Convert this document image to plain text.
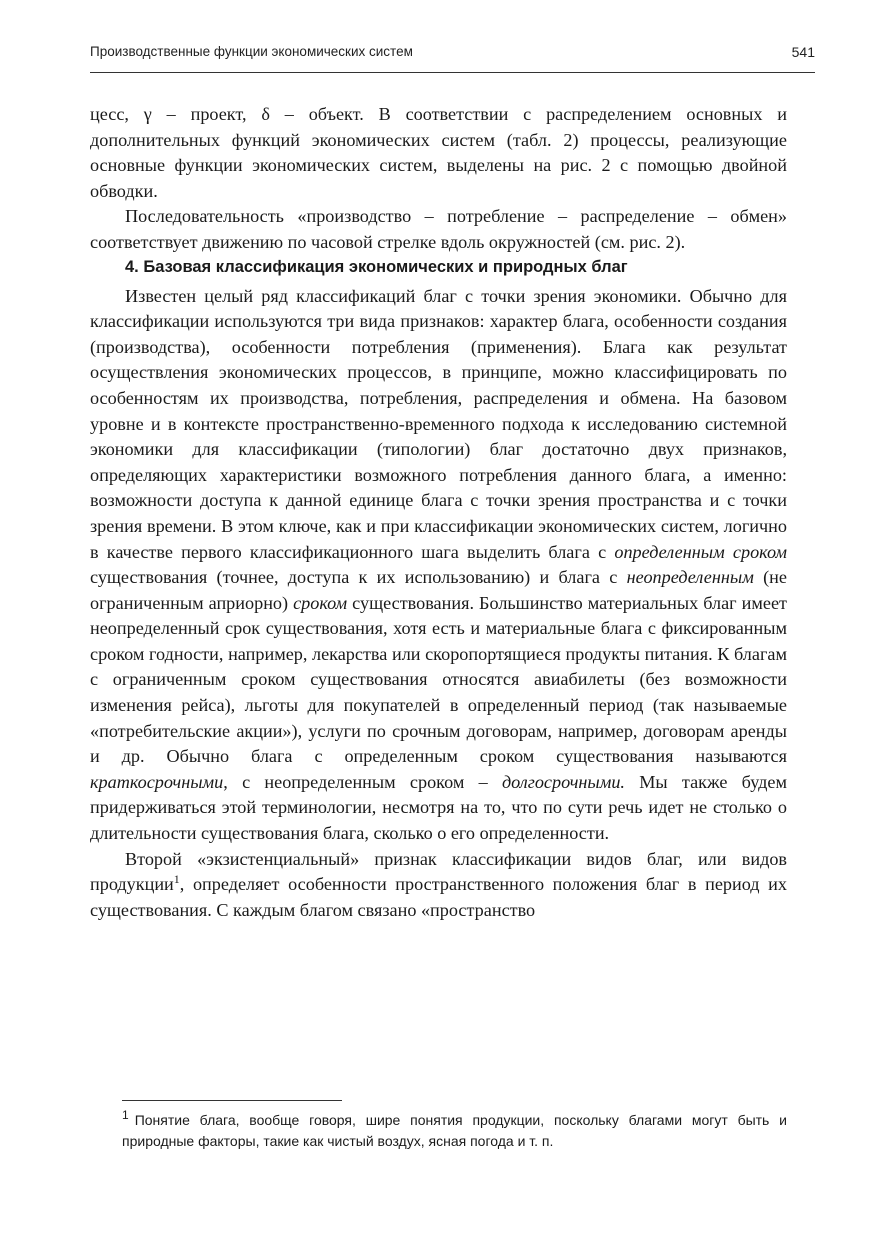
Производственные функции экономических систем	541

цесс, γ – проект, δ – объект. В соответствии с распределением основных и дополнительных функций экономических систем (табл. 2) процессы, реализующие основные функции экономических систем, выделены на рис. 2 с помощью двойной обводки.

Последовательность «производство – потребление – распределение – обмен» соответствует движению по часовой стрелке вдоль окружностей (см. рис. 2).

4. Базовая классификация экономических и природных благ

Известен целый ряд классификаций благ с точки зрения экономики. Обычно для классификации используются три вида признаков: характер блага, особенности создания (производства), особенности потребления (применения). Блага как результат осуществления экономических процессов, в принципе, можно классифицировать по особенностям их производства, потребления, распределения и обмена. На базовом уровне и в контексте пространственно-временного подхода к исследованию системной экономики для классификации (типологии) благ достаточно двух признаков, определяющих характеристики возможного потребления данного блага, а именно: возможности доступа к данной единице блага с точки зрения пространства и с точки зрения времени. В этом ключе, как и при классификации экономических систем, логично в качестве первого классификационного шага выделить блага с определенным сроком существования (точнее, доступа к их использованию) и блага с неопределенным (не ограниченным априорно) сроком существования. Большинство материальных благ имеет неопределенный срок существования, хотя есть и материальные блага с фиксированным сроком годности, например, лекарства или скоропортящиеся продукты питания. К благам с ограниченным сроком существования относятся авиабилеты (без возможности изменения рейса), льготы для покупателей в определенный период (так называемые «потребительские акции»), услуги по срочным договорам, например, договорам аренды и др. Обычно блага с определенным сроком существования называются краткосрочными, с неопределенным сроком – долгосрочными. Мы также будем придерживаться этой терминологии, несмотря на то, что по сути речь идет не столько о длительности существования блага, сколько о его определенности.

Второй «экзистенциальный» признак классификации видов благ, или видов продукции$^1$, определяет особенности пространственного положения благ в период их существования. С каждым благом связано «пространство

$^1$ Понятие блага, вообще говоря, шире понятия продукции, поскольку благами могут быть и природные факторы, такие как чистый воздух, ясная погода и т. п.
